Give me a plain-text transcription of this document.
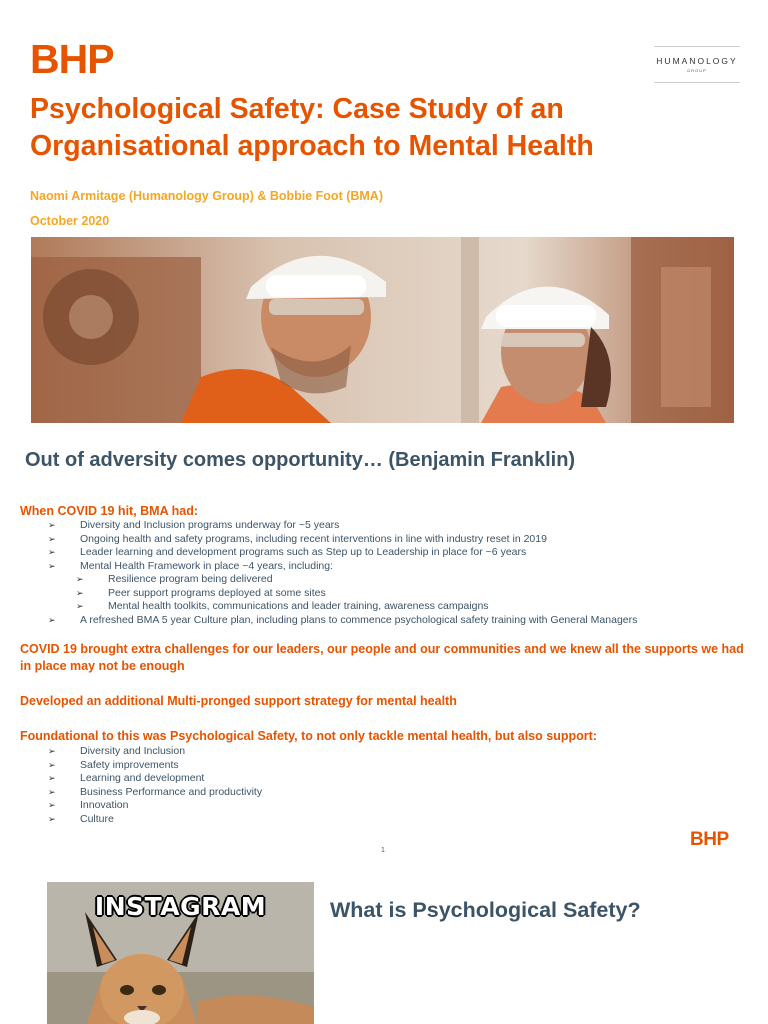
BHP	HUMANOLOGY
GROUP
Psychological Safety: Case Study of an Organisational approach to Mental Health
Naomi Armitage (Humanology Group) & Bobbie Foot (BMA)
October 2020
Out of adversity comes opportunity… (Benjamin Franklin)
When COVID 19 hit, BMA had:
➢ Diversity and Inclusion programs underway for ~5 years
➢ Ongoing health and safety programs, including recent interventions in line with industry reset in 2019
➢ Leader learning and development programs such as Step up to Leadership in place for ~6 years
➢ Mental Health Framework in place ~4 years, including:
➢ Resilience program being delivered
➢ Peer support programs deployed at some sites
➢ Mental health toolkits, communications and leader training, awareness campaigns
➢ A refreshed BMA 5 year Culture plan, including plans to commence psychological safety training with General Managers
COVID 19 brought extra challenges for our leaders, our people and our communities and we knew all the supports we had in place may not be enough
Developed an additional Multi-pronged support strategy for mental health
Foundational to this was Psychological Safety, to not only tackle mental health, but also support:
➢ Diversity and Inclusion
➢ Safety improvements
➢ Learning and development
➢ Business Performance and productivity
➢ Innovation
➢ Culture
1
BHP
INSTAGRAM	What is Psychological Safety?
